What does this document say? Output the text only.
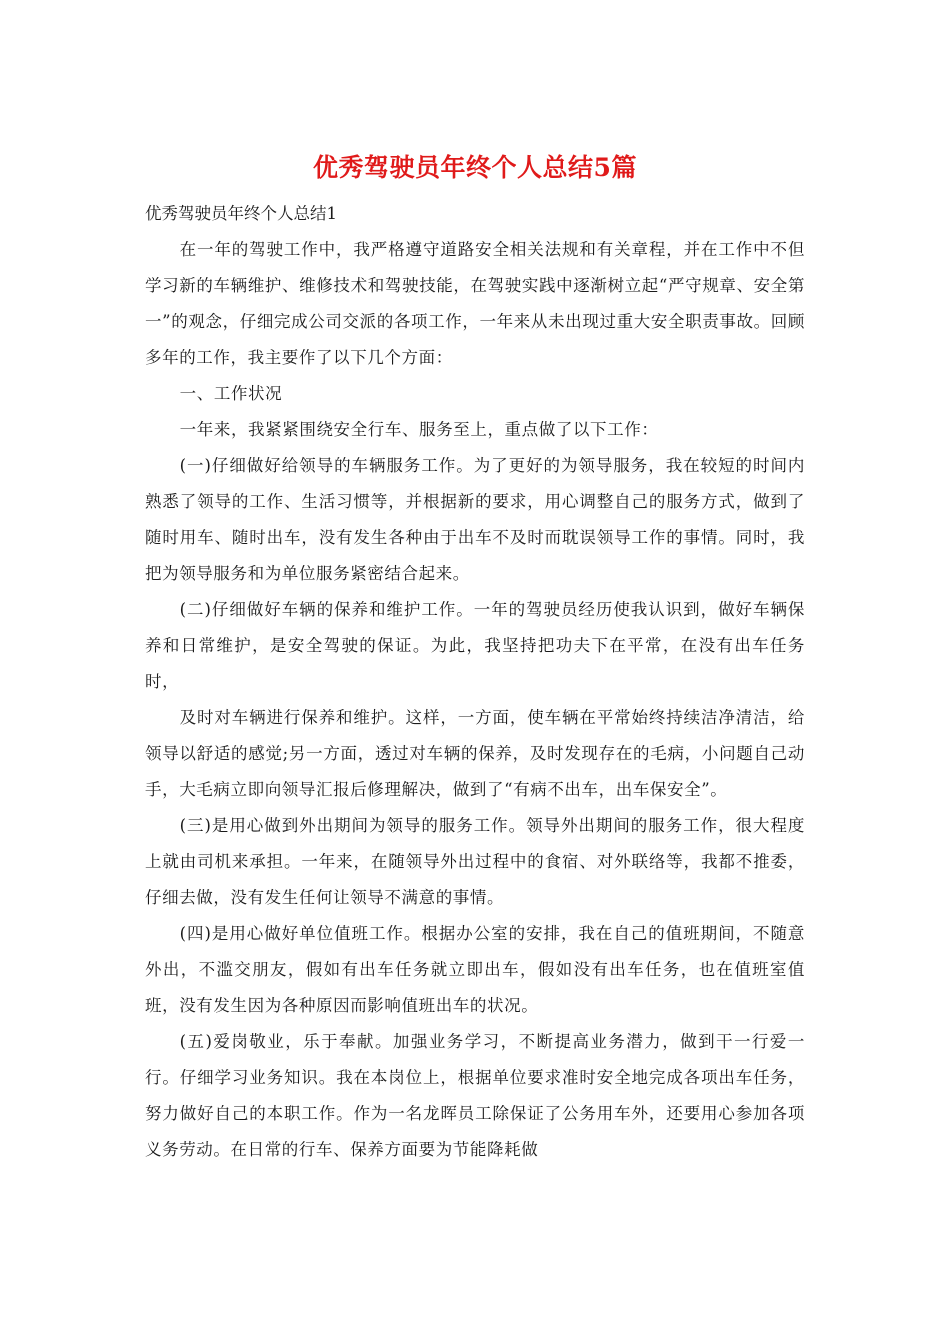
优秀驾驶员年终个人总结5篇

优秀驾驶员年终个人总结1

在一年的驾驶工作中，我严格遵守道路安全相关法规和有关章程，并在工作中不但学习新的车辆维护、维修技术和驾驶技能，在驾驶实践中逐渐树立起“严守规章、安全第一”的观念，仔细完成公司交派的各项工作，一年来从未出现过重大安全职责事故。回顾多年的工作，我主要作了以下几个方面：

一、工作状况

一年来，我紧紧围绕安全行车、服务至上，重点做了以下工作：

(一)仔细做好给领导的车辆服务工作。为了更好的为领导服务，我在较短的时间内熟悉了领导的工作、生活习惯等，并根据新的要求，用心调整自己的服务方式，做到了随时用车、随时出车，没有发生各种由于出车不及时而耽误领导工作的事情。同时，我把为领导服务和为单位服务紧密结合起来。

(二)仔细做好车辆的保养和维护工作。一年的驾驶员经历使我认识到，做好车辆保养和日常维护，是安全驾驶的保证。为此，我坚持把功夫下在平常，在没有出车任务时，

及时对车辆进行保养和维护。这样，一方面，使车辆在平常始终持续洁净清洁，给领导以舒适的感觉;另一方面，透过对车辆的保养，及时发现存在的毛病，小问题自己动手，大毛病立即向领导汇报后修理解决，做到了“有病不出车，出车保安全”。

(三)是用心做到外出期间为领导的服务工作。领导外出期间的服务工作，很大程度上就由司机来承担。一年来，在随领导外出过程中的食宿、对外联络等，我都不推委，仔细去做，没有发生任何让领导不满意的事情。

(四)是用心做好单位值班工作。根据办公室的安排，我在自己的值班期间，不随意外出，不滥交朋友，假如有出车任务就立即出车，假如没有出车任务，也在值班室值班，没有发生因为各种原因而影响值班出车的状况。

(五)爱岗敬业，乐于奉献。加强业务学习，不断提高业务潜力，做到干一行爱一行。仔细学习业务知识。我在本岗位上，根据单位要求准时安全地完成各项出车任务，努力做好自己的本职工作。作为一名龙晖员工除保证了公务用车外，还要用心参加各项义务劳动。在日常的行车、保养方面要为节能降耗做
